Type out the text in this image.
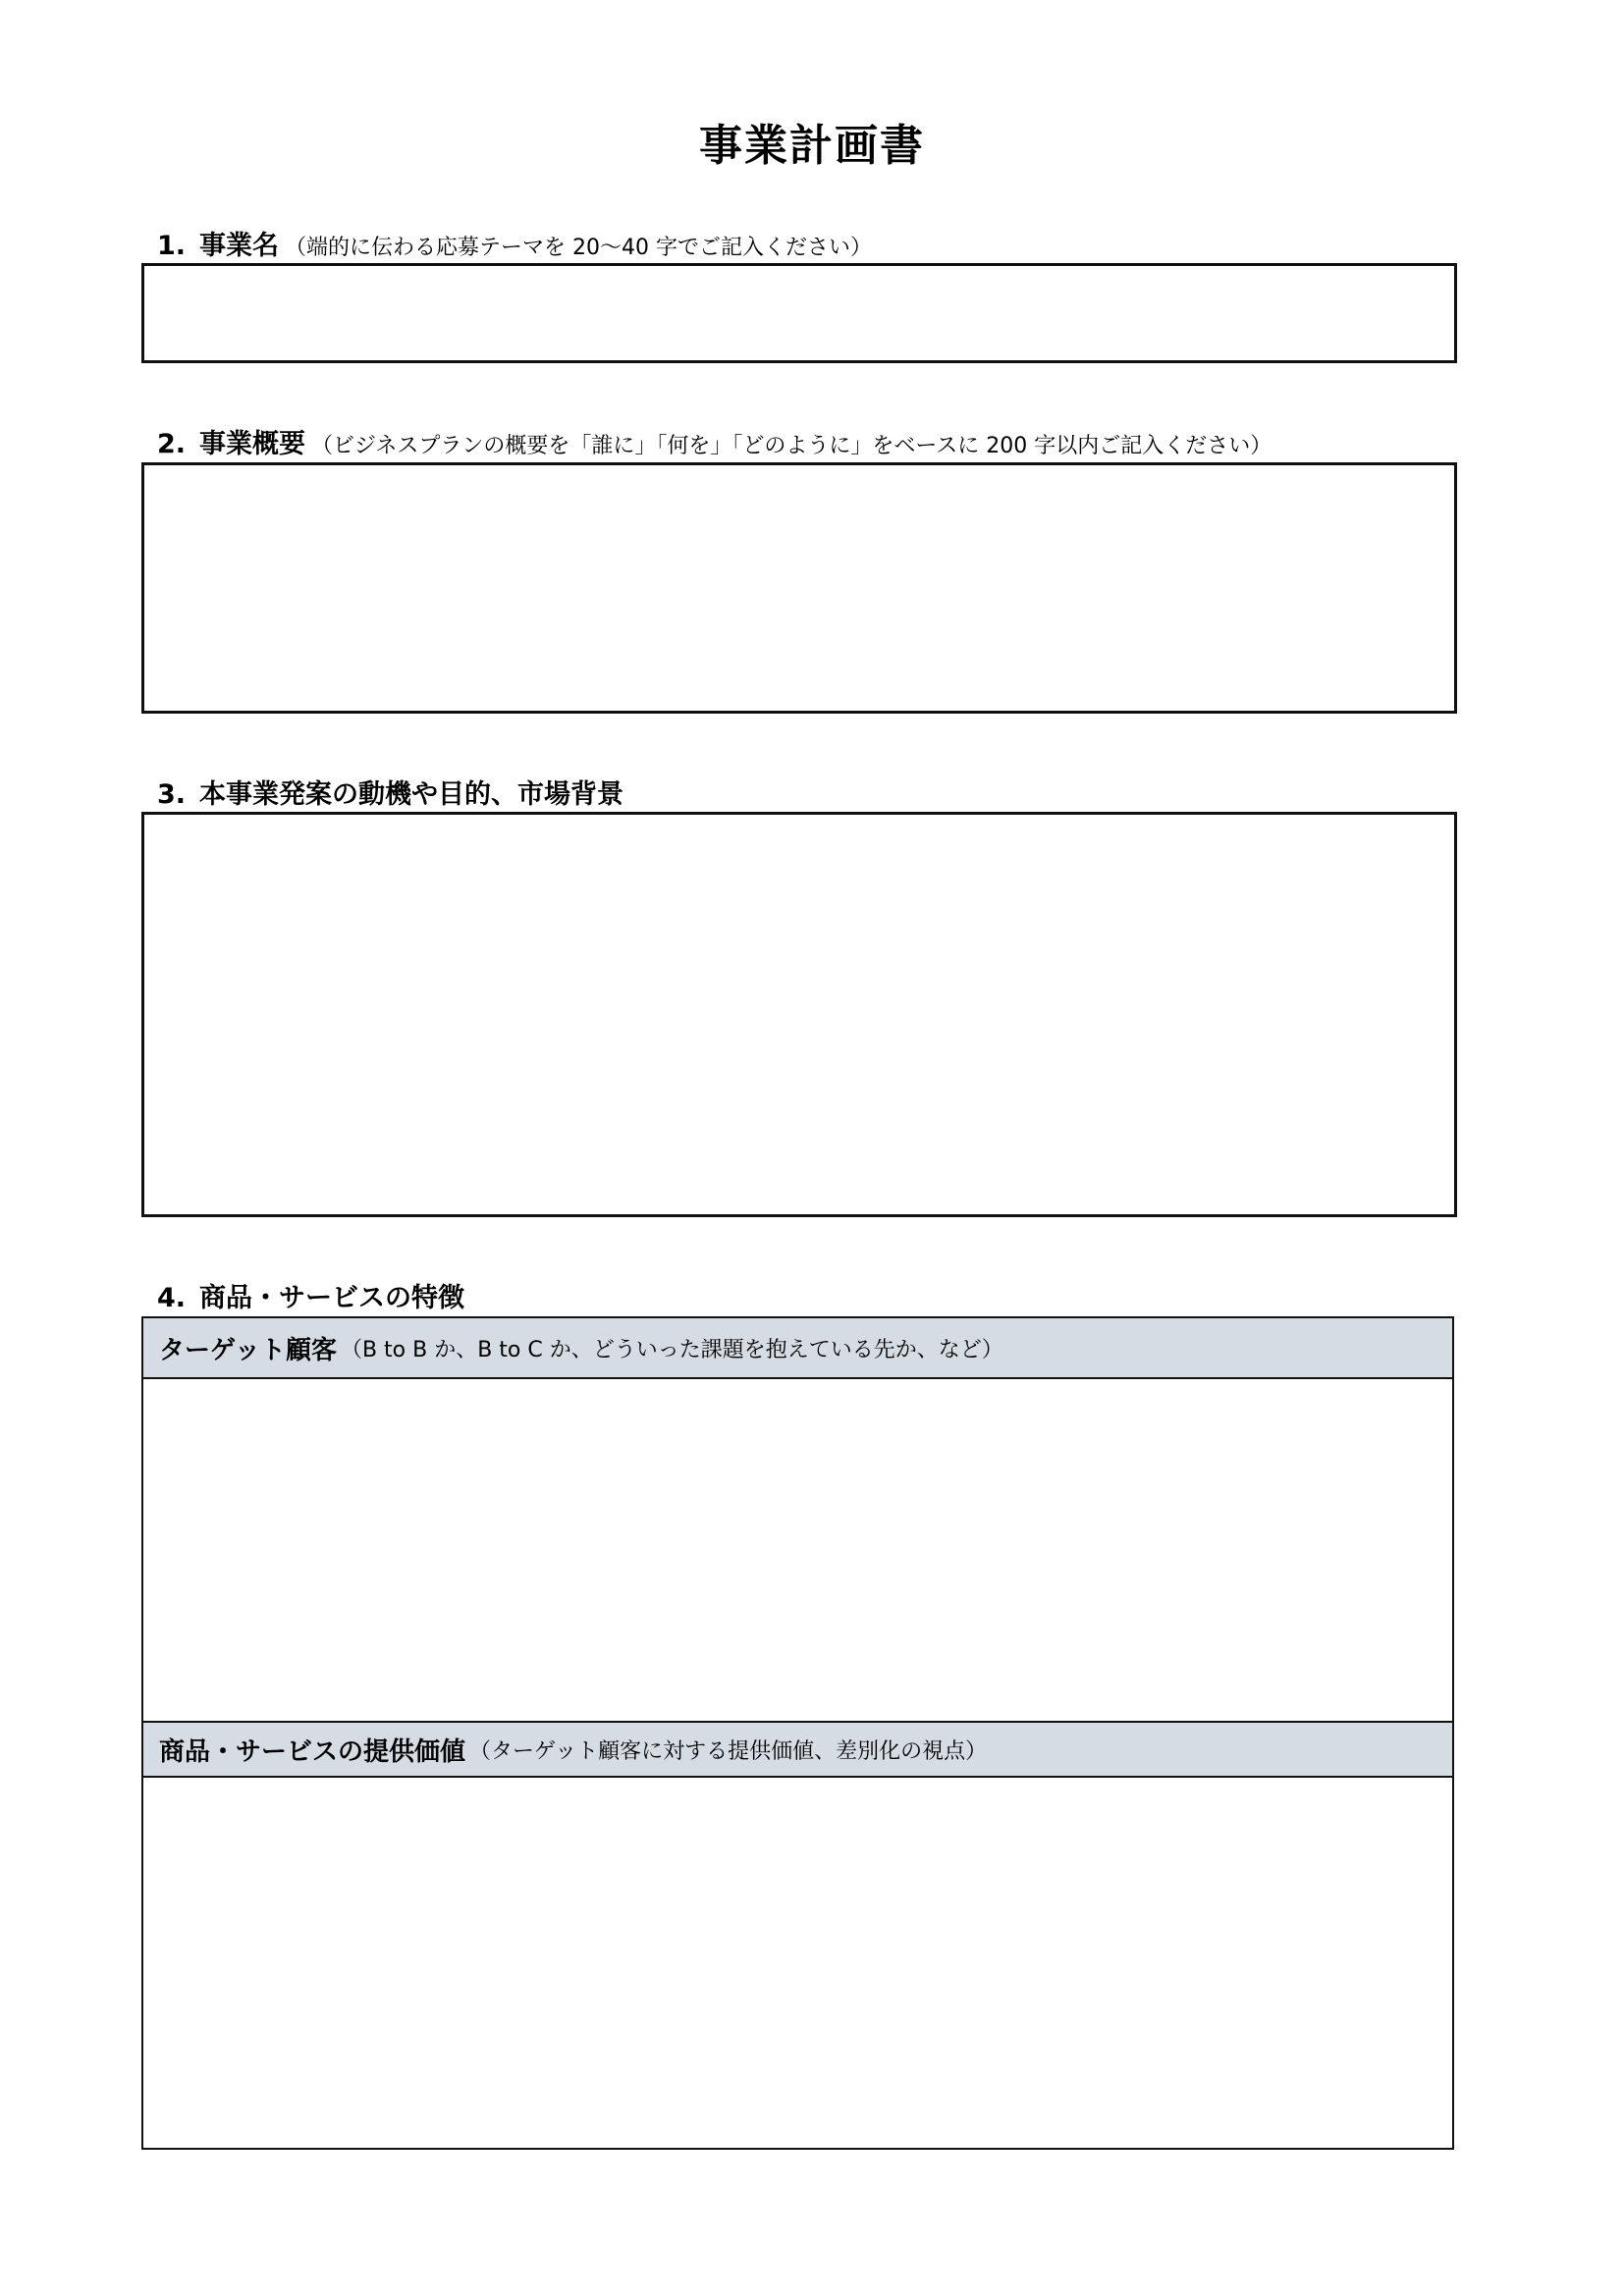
事業計画書
1. 事業名 （端的に伝わる応募テーマを 20〜40 字でご記入ください）
2. 事業概要 （ビジネスプランの概要を「誰に」「何を」「どのように」をベースに 200 字以内ご記入ください）
3. 本事業発案の動機や目的、市場背景
4. 商品・サービスの特徴
ターゲット顧客 （B to B か、B to C か、どういった課題を抱えている先か、など）
商品・サービスの提供価値 （ターゲット顧客に対する提供価値、差別化の視点）
